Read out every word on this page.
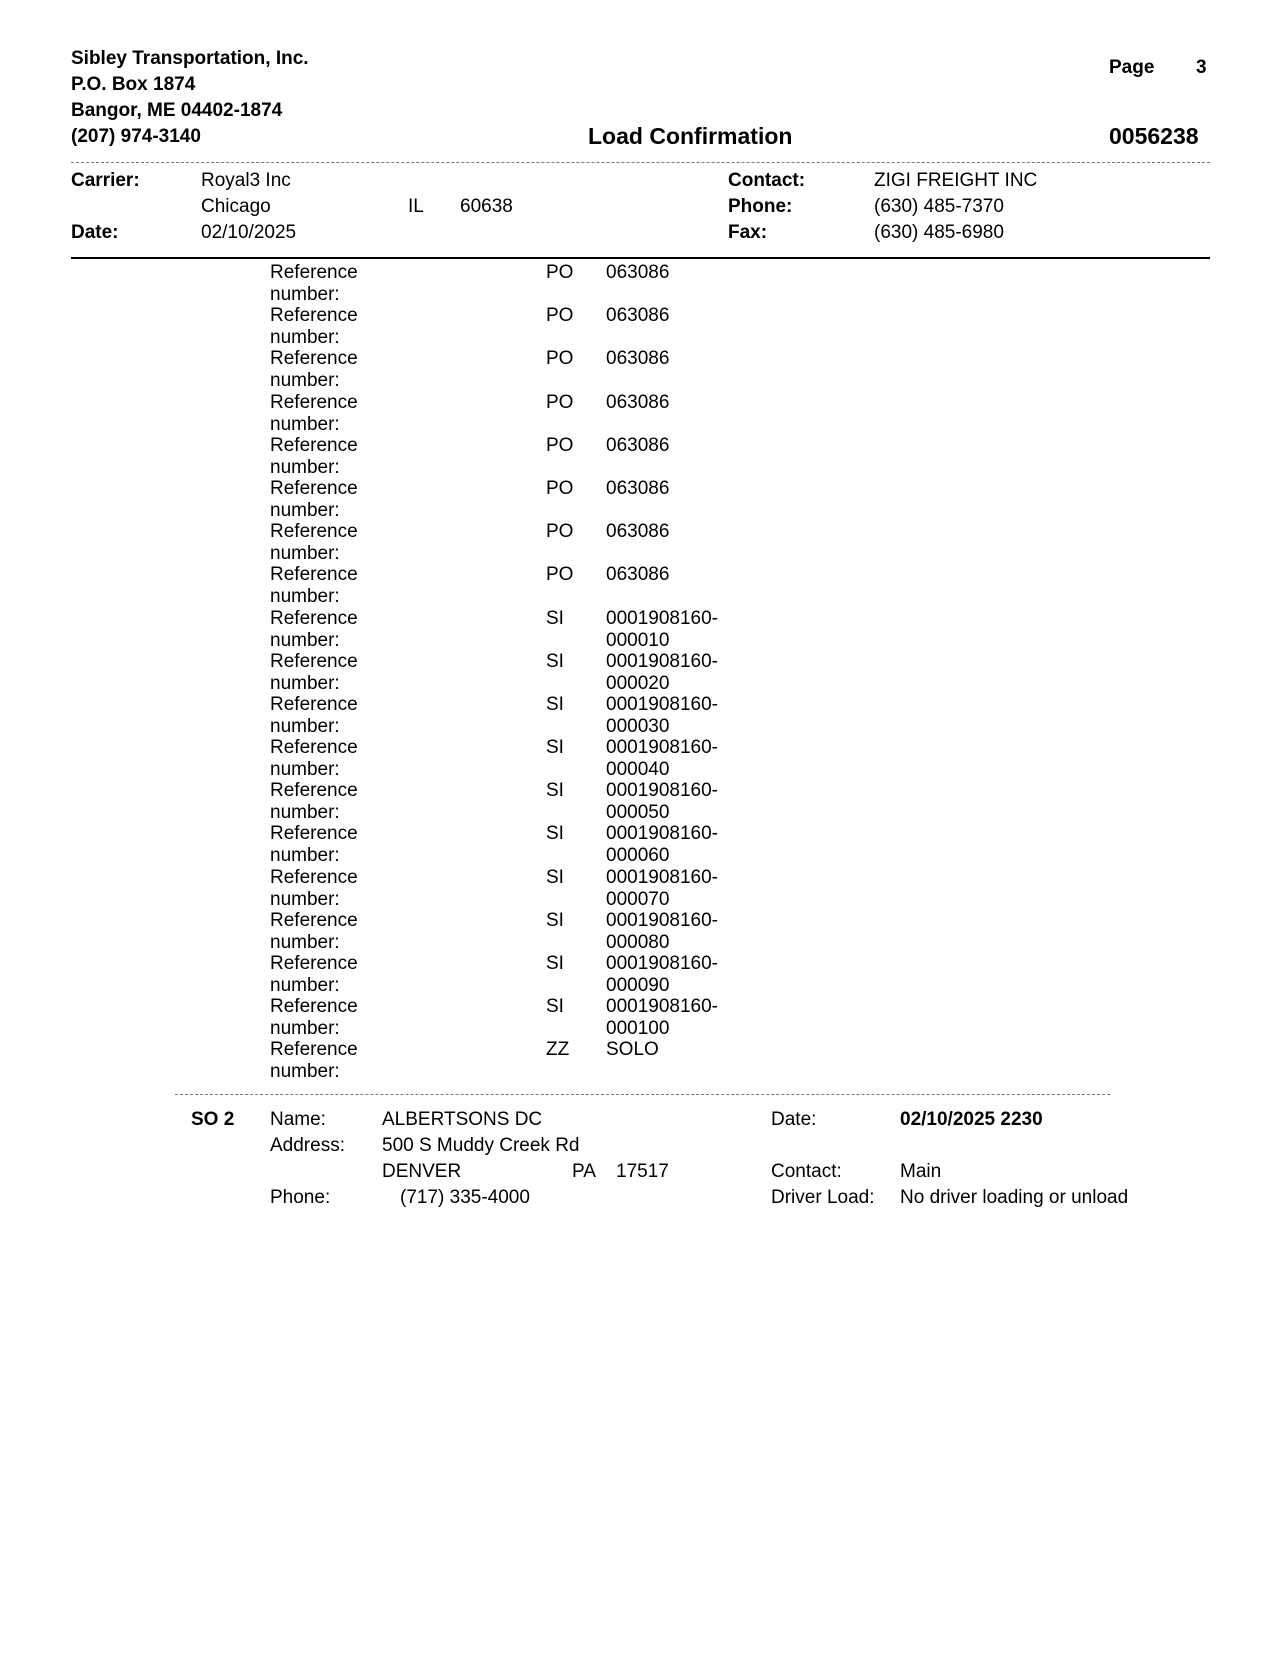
Sibley Transportation, Inc.
P.O. Box 1874
Bangor, ME 04402-1874
(207) 974-3140
Page 3
Load Confirmation	0056238
Carrier:	Royal3 Inc
Chicago	IL 60638
Date:	02/10/2025
Contact:	ZIGI FREIGHT INC
Phone:	(630) 485-7370
Fax:	(630) 485-6980
Reference number:
PO 063086
Reference number:
PO 063086
Reference number:
PO 063086
Reference number:
PO 063086
Reference number:
PO 063086
Reference number:
PO 063086
Reference number:
PO 063086
Reference number:
PO 063086
Reference number:
SI 0001908160-000010
Reference number:
SI 0001908160-000020
Reference number:
SI 0001908160-000030
Reference number:
SI 0001908160-000040
Reference number:
SI 0001908160-000050
Reference number:
SI 0001908160-000060
Reference number:
SI 0001908160-000070
Reference number:
SI 0001908160-000080
Reference number:
SI 0001908160-000090
Reference number:
SI 0001908160-000100
Reference number:
ZZ SOLO
SO 2 Name:	ALBERTSONS DC
Address: 500 S Muddy Creek Rd
DENVER	PA 17517
Phone:	(717) 335-4000
Date:	02/10/2025 2230
Contact:	Main
Driver Load: No driver loading or unload
